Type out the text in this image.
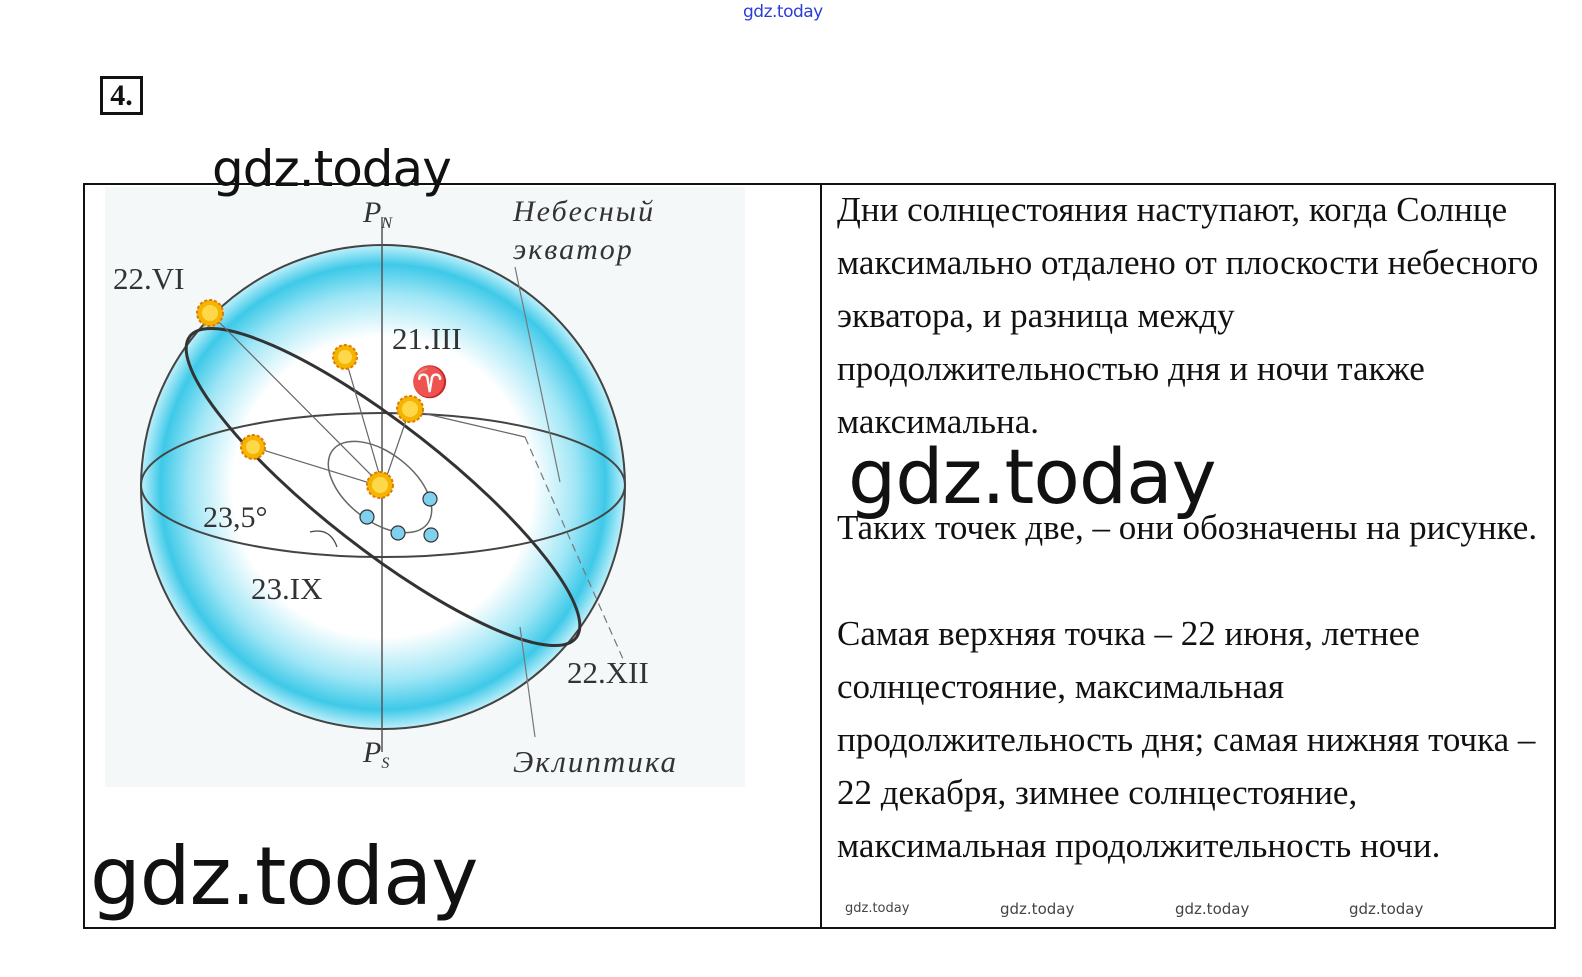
gdz.today
4.
$P_N$
$P_S$
Небесный
экватор
22.VI
21.III
♈
23,5°
23.IX
22.XII
Эклиптика

Дни солнцестояния наступают, когда Солнце максимально отдалено от плоскости небесного экватора, и разница между продолжительностью дня и ночи также максимальна.

Таких точек две, – они обозначены на рисунке.

Самая верхняя точка – 22 июня, летнее солнцестояние, максимальная продолжительность дня; самая нижняя точка – 22 декабря, зимнее солнцестояние, максимальная продолжительность ночи.

gdz.today
gdz.today
gdz.today	gdz.today	gdz.today	gdz.today	gdz.today
